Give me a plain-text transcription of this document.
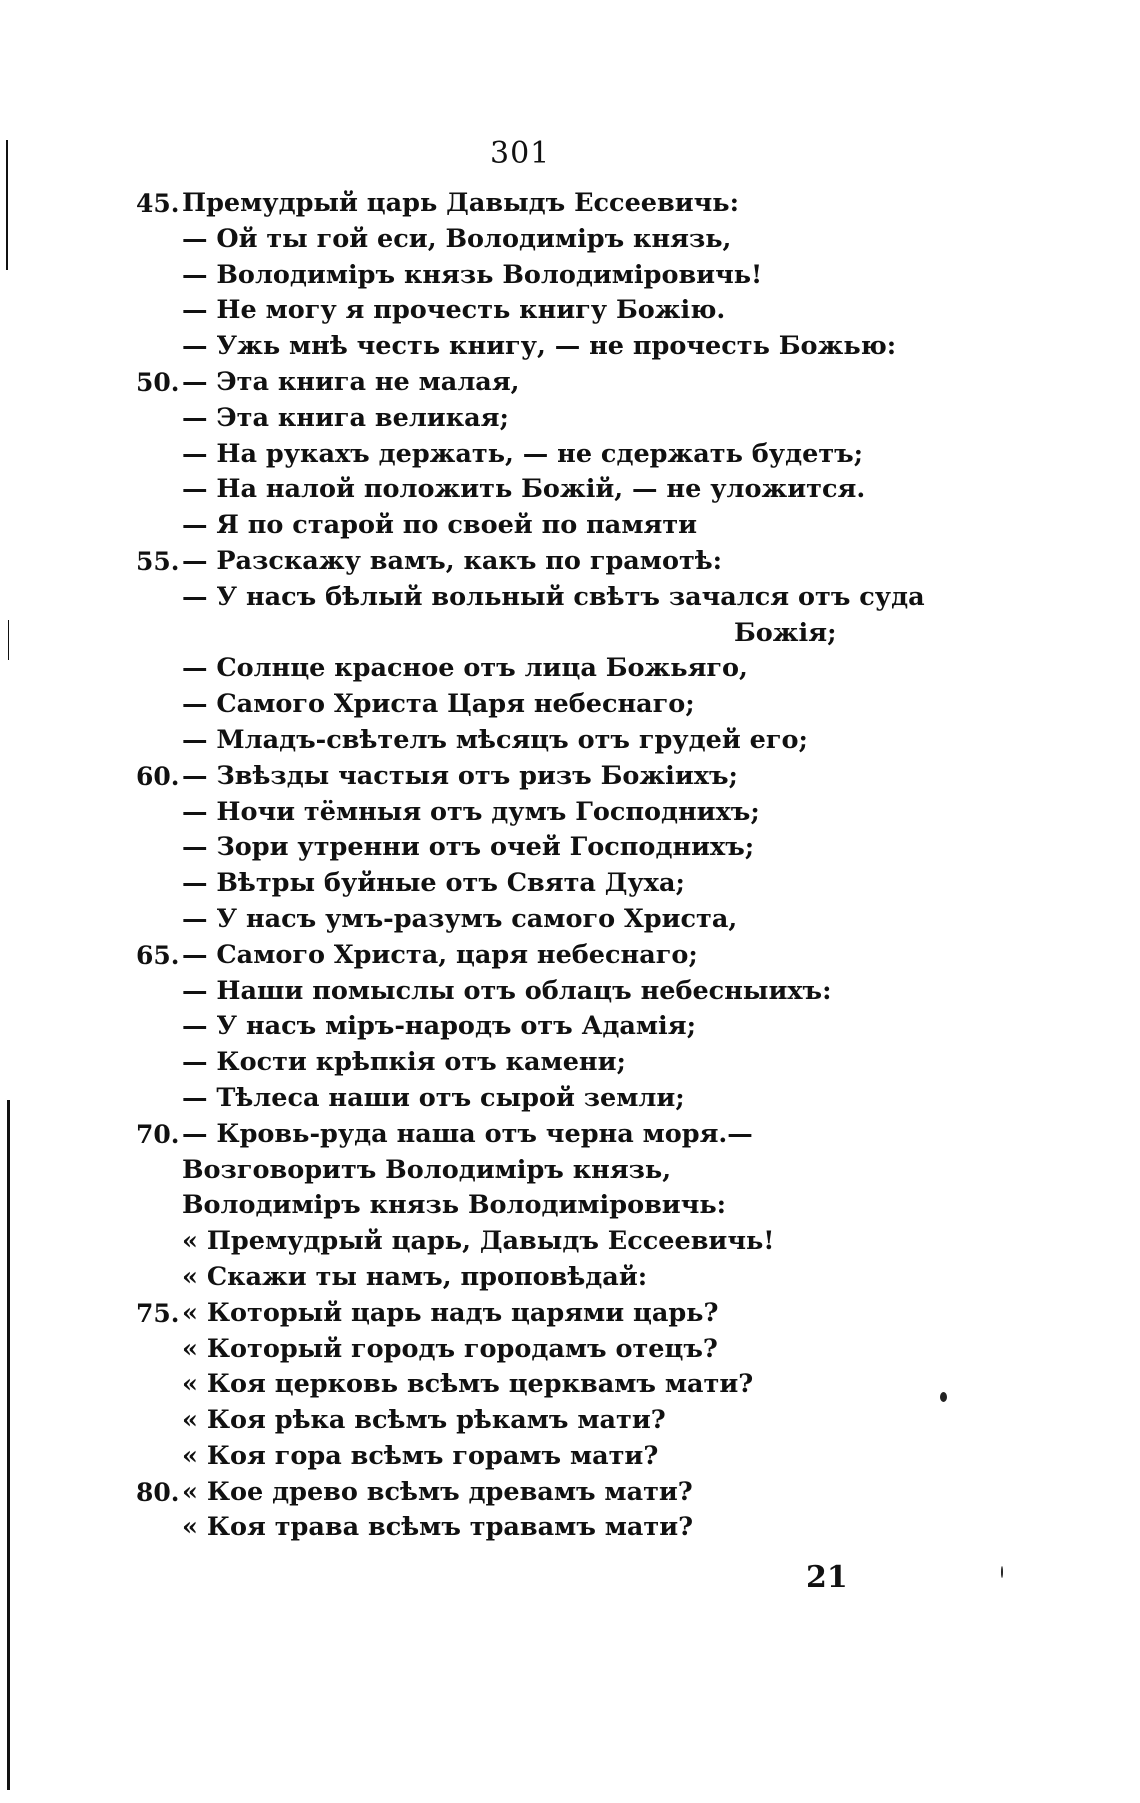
301
45. Премудрый царь Давыдъ Ессеевичь:
— Ой ты гой еси, Володимiръ князь,
— Володимiръ князь Володимiровичь!
— Не могу я прочесть книгу Божiю.
— Ужь мнѣ честь книгу, — не прочесть Божью:
50. — Эта книга не малая,
— Эта книга великая;
— На рукахъ держать, — не сдержать будетъ;
— На налой положить Божiй, — не уложится.
— Я по старой по своей по памяти
55. — Разскажу вамъ, какъ по грамотѣ:
— У насъ бѣлый вольный свѣтъ зачался отъ суда
Божiя;
— Солнце красное отъ лица Божьяго,
— Самого Христа Царя небеснаго;
— Младъ-свѣтелъ мѣсяцъ отъ грудей его;
60. — Звѣзды частыя отъ ризъ Божiихъ;
— Ночи тёмныя отъ думъ Господнихъ;
— Зори утренни отъ очей Господнихъ;
— Вѣтры буйные отъ Свята Духа;
— У насъ умъ-разумъ самого Христа,
65. — Самого Христа, царя небеснаго;
— Наши помыслы отъ облацъ небесныихъ:
— У насъ мiръ-народъ отъ Адамiя;
— Кости крѣпкiя отъ камени;
— Тѣлеса наши отъ сырой земли;
70. — Кровь-руда наша отъ черна моря.—
Возговоритъ Володимiръ князь,
Володимiръ князь Володимiровичь:
« Премудрый царь, Давыдъ Ессеевичь!
« Скажи ты намъ, проповѣдай:
75. « Который царь надъ царями царь?
« Который городъ городамъ отецъ?
« Коя церковь всѣмъ церквамъ мати?
« Коя рѣка всѣмъ рѣкамъ мати?
« Коя гора всѣмъ горамъ мати?
80. « Кое древо всѣмъ древамъ мати?
« Коя трава всѣмъ травамъ мати?
21
